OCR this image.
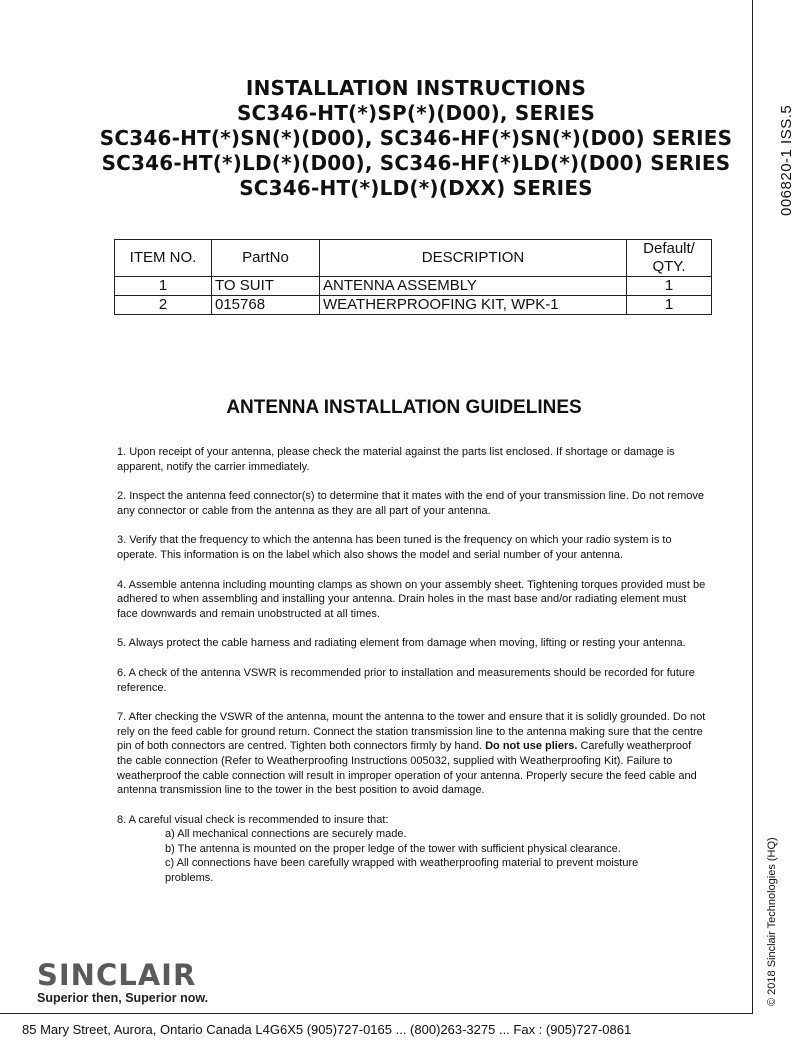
INSTALLATION INSTRUCTIONS
SC346-HT(*)SP(*)(D00), SERIES
SC346-HT(*)SN(*)(D00), SC346-HF(*)SN(*)(D00) SERIES
SC346-HT(*)LD(*)(D00), SC346-HF(*)LD(*)(D00) SERIES
SC346-HT(*)LD(*)(DXX) SERIES	006820-1 ISS.5
ITEM NO.	PartNo	DESCRIPTION	Default/ QTY.
1	TO SUIT	ANTENNA ASSEMBLY	1
2	015768	WEATHERPROOFING KIT, WPK-1	1
ANTENNA INSTALLATION GUIDELINES

1. Upon receipt of your antenna, please check the material against the parts list enclosed. If shortage or damage is apparent, notify the carrier immediately.

2. Inspect the antenna feed connector(s) to determine that it mates with the end of your transmission line. Do not remove any connector or cable from the antenna as they are all part of your antenna.

3. Verify that the frequency to which the antenna has been tuned is the frequency on which your radio system is to operate. This information is on the label which also shows the model and serial number of your antenna.

4. Assemble antenna including mounting clamps as shown on your assembly sheet. Tightening torques provided must be adhered to when assembling and installing your antenna. Drain holes in the mast base and/or radiating element must face downwards and remain unobstructed at all times.

5. Always protect the cable harness and radiating element from damage when moving, lifting or resting your antenna.

6. A check of the antenna VSWR is recommended prior to installation and measurements should be recorded for future reference.

7. After checking the VSWR of the antenna, mount the antenna to the tower and ensure that it is solidly grounded. Do not rely on the feed cable for ground return. Connect the station transmission line to the antenna making sure that the centre pin of both connectors are centred. Tighten both connectors firmly by hand. Do not use pliers. Carefully weatherproof the cable connection (Refer to Weatherproofing Instructions 005032, supplied with Weatherproofing Kit). Failure to weatherproof the cable connection will result in improper operation of your antenna. Properly secure the feed cable and antenna transmission line to the tower in the best position to avoid damage.

8. A careful visual check is recommended to insure that:
a) All mechanical connections are securely made.
b) The antenna is mounted on the proper ledge of the tower with sufficient physical clearance.
c) All connections have been carefully wrapped with weatherproofing material to prevent moisture
problems.
SINCLAIR
Superior then, Superior now.	© 2018 Sinclair Technologies (HQ)
85 Mary Street, Aurora, Ontario Canada L4G6X5 (905)727-0165 ... (800)263-3275 ... Fax : (905)727-0861
